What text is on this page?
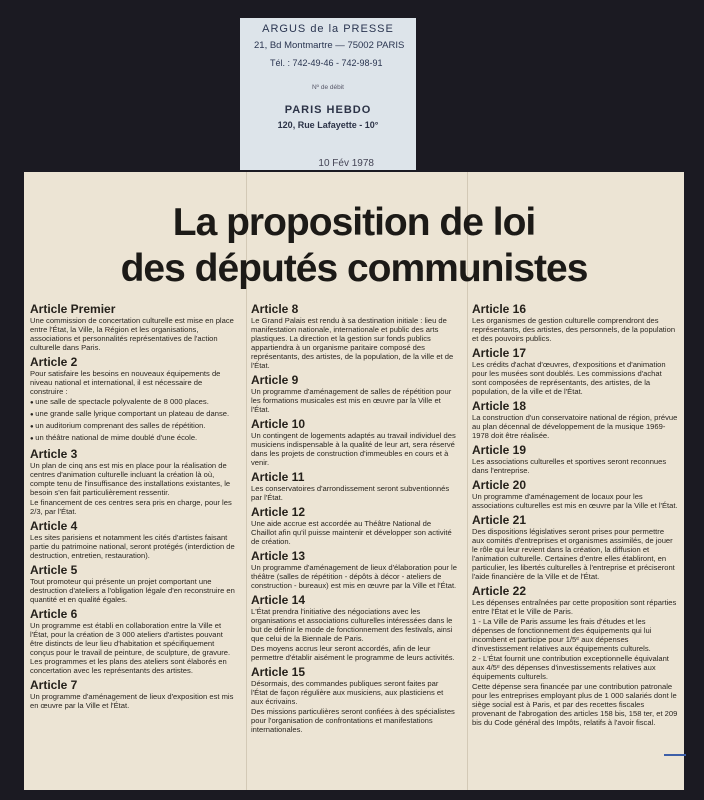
ARGUS de la PRESSE
21, Bd Montmartre — 75002 PARIS
Tél. : 742-49-46 - 742-98-91
Nº de débit
PARIS HEBDO
120, Rue Lafayette - 10°
10 Fév 1978
La proposition de loi
des députés communistes
Article Premier

Une commission de concertation culturelle est mise en place entre l'État, la Ville, la Région et les organisations, associations et personnalités représentatives de l'action culturelle dans Paris.

Article 2

Pour satisfaire les besoins en nouveaux équipements de niveau national et international, il est nécessaire de construire :

● une salle de spectacle polyvalente de 8 000 places.

● une grande salle lyrique comportant un plateau de danse.

● un auditorium comprenant des salles de répétition.

● un théâtre national de mime doublé d'une école.

Article 3

Un plan de cinq ans est mis en place pour la réalisation de centres d'animation culturelle incluant la création là où, compte tenu de l'insuffisance des installations existantes, le besoin s'en fait particulièrement ressentir.

Le financement de ces centres sera pris en charge, pour les 2/3, par l'État.

Article 4

Les sites parisiens et notamment les cités d'artistes faisant partie du patrimoine national, seront protégés (interdiction de destruction, entretien, restauration).

Article 5

Tout promoteur qui présente un projet comportant une destruction d'ateliers a l'obligation légale d'en reconstruire en quantité et en qualité égales.

Article 6

Un programme est établi en collaboration entre la Ville et l'État, pour la création de 3 000 ateliers d'artistes pouvant être distincts de leur lieu d'habitation et spécifiquement conçus pour le travail de peinture, de sculpture, de gravure. Les programmes et les plans des ateliers sont élaborés en concertation avec les représentants des artistes.

Article 7

Un programme d'aménagement de lieux d'exposition est mis en œuvre par la Ville et l'État.

Article 8

Le Grand Palais est rendu à sa destination initiale : lieu de manifestation nationale, internationale et public des arts plastiques. La direction et la gestion sur fonds publics appartiendra à un organisme paritaire composé des représentants, des artistes, de la population, de la ville et de l'État.

Article 9

Un programme d'aménagement de salles de répétition pour les formations musicales est mis en œuvre par la Ville et l'État.

Article 10

Un contingent de logements adaptés au travail individuel des musiciens indispensable à la qualité de leur art, sera réservé dans les projets de construction d'immeubles en cours et à venir.

Article 11

Les conservatoires d'arrondissement seront subventionnés par l'État.

Article 12

Une aide accrue est accordée au Théâtre National de Chaillot afin qu'il puisse maintenir et développer son activité de création.

Article 13

Un programme d'aménagement de lieux d'élaboration pour le théâtre (salles de répétition - dépôts à décor - ateliers de construction - bureaux) est mis en œuvre par la Ville et l'État.

Article 14

L'État prendra l'initiative des négociations avec les organisations et associations culturelles intéressées dans le but de définir le mode de fonctionnement des festivals, ainsi que celui de la Biennale de Paris.

Des moyens accrus leur seront accordés, afin de leur permettre d'établir aisément le programme de leurs activités.

Article 15

Désormais, des commandes publiques seront faites par l'État de façon régulière aux musiciens, aux plasticiens et aux écrivains.

Des missions particulières seront confiées à des spécialistes pour l'organisation de confrontations et manifestations internationales.

Article 16

Les organismes de gestion culturelle comprendront des représentants, des artistes, des personnels, de la population et des pouvoirs publics.

Article 17

Les crédits d'achat d'œuvres, d'expositions et d'animation pour les musées sont doublés. Les commissions d'achat sont composées de représentants, des artistes, de la population, de la ville et de l'État.

Article 18

La construction d'un conservatoire national de région, prévue au plan décennal de développement de la musique 1969-1978 doit être réalisée.

Article 19

Les associations culturelles et sportives seront reconnues dans l'entreprise.

Article 20

Un programme d'aménagement de locaux pour les associations culturelles est mis en œuvre par la Ville et l'État.

Article 21

Des dispositions législatives seront prises pour permettre aux comités d'entreprises et organismes assimilés, de jouer le rôle qui leur revient dans la création, la diffusion et l'animation culturelle. Certaines d'entre elles établiront, en particulier, les libertés culturelles à l'entreprise et préciseront l'aide financière de la Ville et de l'État.

Article 22

Les dépenses entraînées par cette proposition sont réparties entre l'État et le Ville de Paris.

1 - La Ville de Paris assume les frais d'études et les dépenses de fonctionnement des équipements qui lui incombent et participe pour 1/5ᵉ aux dépenses d'investissement relatives aux équipements culturels.

2 - L'État fournit une contribution exceptionnelle équivalant aux 4/5ᵉ des dépenses d'investissements relatives aux équipements culturels.

Cette dépense sera financée par une contribution patronale pour les entreprises employant plus de 1 000 salariés dont le siège social est à Paris, et par des recettes fiscales provenant de l'abrogation des articles 158 bis, 158 ter, et 209 bis du Code général des Impôts, relatifs à l'avoir fiscal.
